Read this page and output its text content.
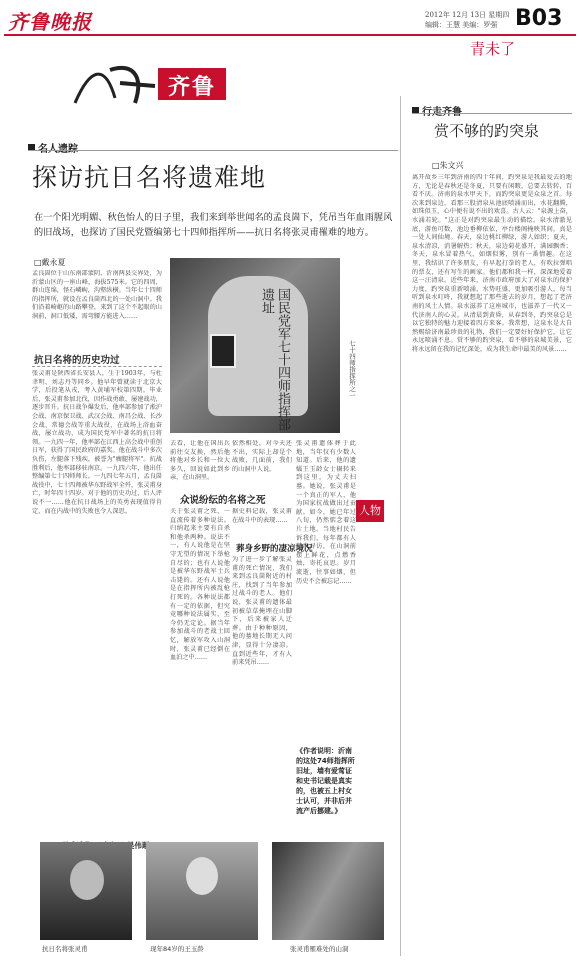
齐鲁晚报	2012年 12月 13日 星期四
编辑：王慧 美编：罗强 B03
青未了
齐鲁
探访抗日名将遗难地
在一个阳光明媚、秋色怡人的日子里，我们来到举世闻名的孟良崮下，凭吊当年血雨腥风的旧战场，也探访了国民党暨编第七十四师指挥所——抗日名将张灵甫罹难的地方。
□戴永夏
孟良崮位于山东南部蒙阴、沂南两县交界处，为沂蒙山区的一座山峰，海拔575米。它的四周，群山连绵，怪石嶙峋，沟壑纵横。当年七十四师的指挥所，就设在孟良崮西北的一处山洞中。我们沿着崎岖的山路攀登，来到了这个不起眼的山洞前，洞口低矮，需弯腰方能进入……
抗日名将的历史功过
张灵甫是陕西省长安县人，生于1903年，与杜聿明、刘志丹等同乡。他早年曾就读于北京大学，后投笔从戎，考入黄埔军校第四期。毕业后，张灵甫参加北伐，因作战勇敢、屡建战功，逐步晋升。抗日战争爆发后，他率部参加了淞沪会战、南京保卫战、武汉会战、南昌会战、长沙会战、常德会战等重大战役，在战场上浴血奋战，屡立战功，成为国民党军中著名的抗日将领。一九四一年，他率部在江西上高会战中重创日军，获得了国民政府的嘉奖。他在战斗中多次负伤，左腿落下残疾，被誉为"瘸腿将军"。抗战胜利后，他率部移驻南京。一九四六年，他出任整编第七十四师师长。一九四七年五月，孟良崮战役中，七十四师被华东野战军全歼，张灵甫身亡，时年四十四岁。对于他的历史功过，后人评说不一……他在抗日战场上的英勇表现值得肯定，而在内战中的失败也令人深思。
吴伟题
国民党军七十四师指挥部遗址
七十四师指挥所之一
去看，让他在国出兵前往交友换，然后他将他对乡长和一位大多久，回说如此到乡亲，在山洞里。
依然相处，对今天还不出，实际上却是个战败，几面前，我们的山洞中人说。
众说纷纭的名将之死
关于张灵甫之死，一直流传着多种说法。归纳起来主要有自杀和他杀两种。说法不一，有人说他是在坚守无望的情况下举枪自尽的；也有人说他是被华东野战军士兵击毙的。还有人说他是在指挥所内被乱枪打死的。各种说法都有一定的依据，但究竟哪种说法属实，至今仍无定论。据当年参加战斗的老战士回忆，解放军攻入山洞时，张灵甫已经倒在血泊之中……
据史料记载，张灵甫在战斗中的表现……
葬身乡野的凄凉境况
为了进一步了解张灵甫的死亡情况，我们来到孟良崮附近的村庄，找到了当年参加过战斗的老人。他们说，张灵甫的遗体最初被草草掩埋在山脚下，后来被家人迁葬。由于种种原因，他的墓地长期无人问津，显得十分凄凉。直到近些年，才有人前来凭吊……
张灵甫遗体葬于此地，当年仅有少数人知道。后来，他的遗孀王玉龄女士辗转来到这里，为丈夫扫墓。她说，张灵甫是一个真正的军人，他为国家抗战做出过贡献。如今，她已年过八旬，仍然惦念着这片土地。当地村民告诉我们，每年都有人前来寻访，在山洞前摆上鲜花，点燃香烛，寄托哀思。岁月流逝，往事如烟，但历史不会被忘记……
《作者说明：沂南的这处74师指挥所旧址，墙有爱莺证和史书记载是真实的，也被五上村女士认可，并非后并流产后挪建。》
人物
抗日名将张灵甫	现年84岁的王玉龄	张灵甫罹难处的山洞
赏不够的趵突泉
□朱文兴
离开故乡三年到济南的四十年间，趵突泉是我最爱去的地方，无论是春秋还是冬夏，只要有闲暇，总要去转转，百看不厌。济南的泉水甲天下，而趵突泉更是众泉之首。每次来到泉边，看那三股清泉从池底喷涌而出，水花翻腾，如珠似玉，心中便有说不出的欢喜。古人云："泉源上奋，水涌若轮。"这正是对趵突泉最生动的描绘。泉水清澈见底，游鱼可数，池边垂柳依依，亭台楼阁掩映其间，真是一处人间仙境。春天，泉边桃红柳绿，游人如织；夏天，泉水清凉，消暑解热；秋天，泉边菊花盛开，满园飘香；冬天，泉水冒着热气，如烟似雾，别有一番情趣。在这里，我结识了许多朋友，有早起打拳的老人，有吹拉弹唱的票友，还有写生的画家。他们都和我一样，深深地爱着这一汪清泉。近些年来，济南市政府加大了对泉水的保护力度，趵突泉重新喷涌，水势旺盛，更加吸引游人。每当听到泉水叮咚，我就想起了那些逝去的岁月，想起了老济南的风土人情。泉水滋养了这座城市，也滋养了一代又一代济南人的心灵。从清晨到黄昏，从春到冬，趵突泉总是以它独特的魅力迎接着四方来客。我常想，这泉水是大自然赐给济南最珍贵的礼物，我们一定要好好保护它，让它永远喷涌不息。赏不够的趵突泉，看不够的泉城美景，它将永远留在我的记忆深处，成为我生命中最美的风景……
